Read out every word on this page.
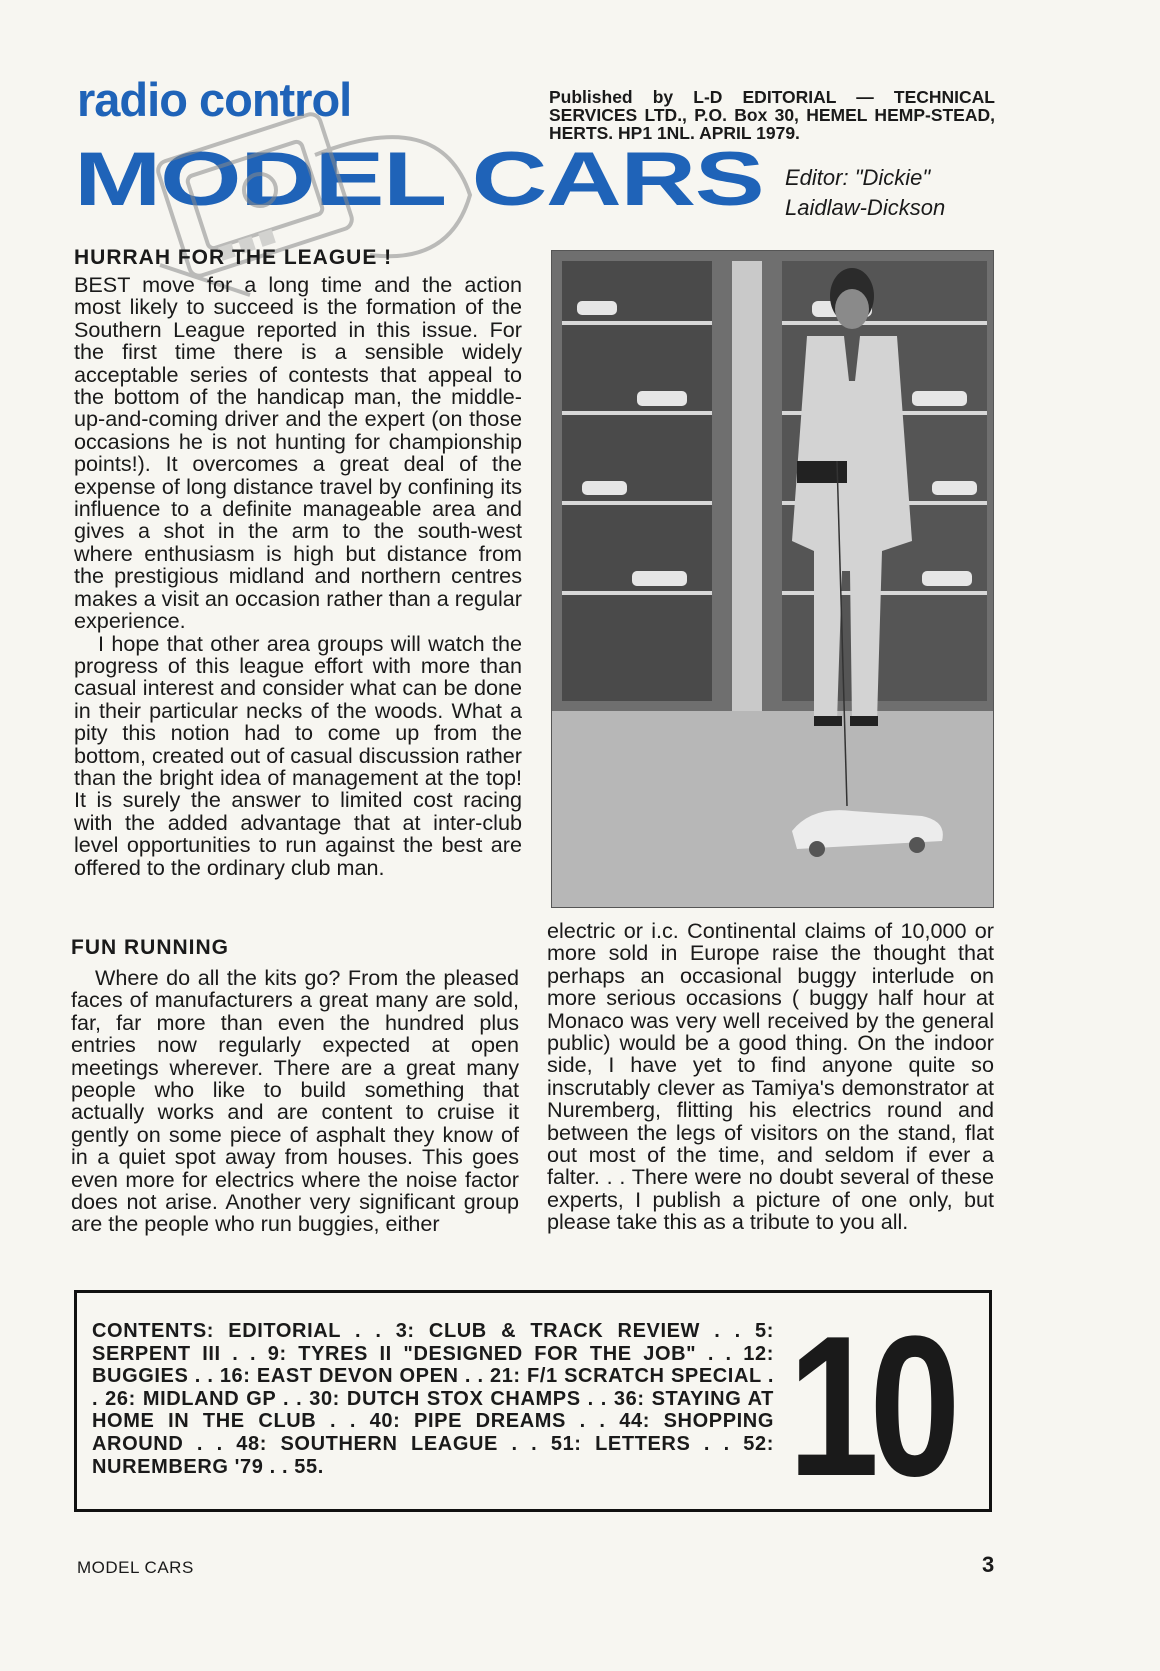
radio control
MODEL CARS
Published by L-D EDITORIAL — TECHNICAL SERVICES LTD., P.O. Box 30, HEMEL HEMP-STEAD, HERTS. HP1 1NL. APRIL 1979.
Editor: "Dickie"
Laidlaw-Dickson
HURRAH FOR THE LEAGUE !

BEST move for a long time and the action most likely to succeed is the formation of the Southern League reported in this issue. For the first time there is a sensible widely acceptable series of contests that appeal to the bottom of the handicap man, the middle-up-and-coming driver and the expert (on those occasions he is not hunting for championship points!). It overcomes a great deal of the expense of long distance travel by confining its influence to a definite manageable area and gives a shot in the arm to the south-west where enthusiasm is high but distance from the prestigious midland and northern centres makes a visit an occasion rather than a regular experience.

I hope that other area groups will watch the progress of this league effort with more than casual interest and consider what can be done in their particular necks of the woods. What a pity this notion had to come up from the bottom, created out of casual discussion rather than the bright idea of management at the top! It is surely the answer to limited cost racing with the added advantage that at inter-club level opportunities to run against the best are offered to the ordinary club man.

FUN RUNNING

Where do all the kits go? From the pleased faces of manufacturers a great many are sold, far, far more than even the hundred plus entries now regularly expected at open meetings wherever. There are a great many people who like to build something that actually works and are content to cruise it gently on some piece of asphalt they know of in a quiet spot away from houses. This goes even more for electrics where the noise factor does not arise. Another very significant group are the people who run buggies, either

electric or i.c. Continental claims of 10,000 or more sold in Europe raise the thought that perhaps an occasional buggy interlude on more serious occasions ( buggy half hour at Monaco was very well received by the general public) would be a good thing. On the indoor side, I have yet to find anyone quite so inscrutably clever as Tamiya's demonstrator at Nuremberg, flitting his electrics round and between the legs of visitors on the stand, flat out most of the time, and seldom if ever a falter. . . There were no doubt several of these experts, I publish a picture of one only, but please take this as a tribute to you all.

CONTENTS: EDITORIAL . . 3: CLUB & TRACK REVIEW . . 5: SERPENT III . . 9: TYRES II "DESIGNED FOR THE JOB" . . 12: BUGGIES . . 16: EAST DEVON OPEN . . 21: F/1 SCRATCH SPECIAL . . 26: MIDLAND GP . . 30: DUTCH STOX CHAMPS . . 36: STAYING AT HOME IN THE CLUB . . 40: PIPE DREAMS . . 44: SHOPPING AROUND . . 48: SOUTHERN LEAGUE . . 51: LETTERS . . 52: NUREMBERG '79 . . 55.	10
MODEL CARS	3
